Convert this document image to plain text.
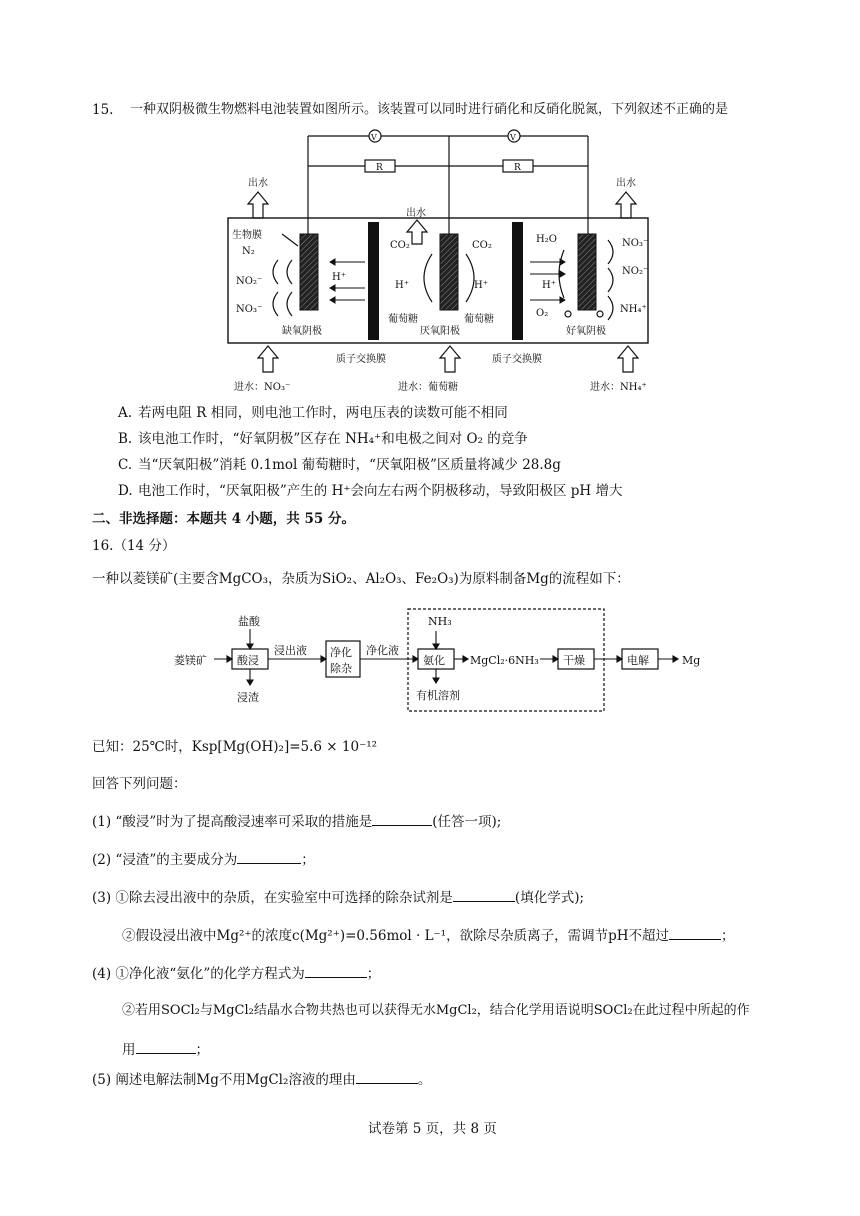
15. 一种双阴极微生物燃料电池装置如图所示。该装置可以同时进行硝化和反硝化脱氮，下列叙述不正确的是
V	V
R	R
出水
出水
出水
生物膜
N₂
NO₂⁻
NO₃⁻
H⁺
CO₂	CO₂
H⁺	H⁺
葡萄糖	葡萄糖
H₂O
H⁺
O₂
NO₃⁻
NO₂⁻
NH₄⁺
缺氧阴极	厌氧阳极	好氧阴极
质子交换膜	质子交换膜
进水：NO₃⁻	进水：葡萄糖	进水：NH₄⁺
A. 若两电阻 R 相同，则电池工作时，两电压表的读数可能不相同
B. 该电池工作时，“好氧阴极”区存在 NH₄⁺和电极之间对 O₂ 的竞争
C. 当“厌氧阳极”消耗 0.1mol 葡萄糖时，“厌氧阳极”区质量将减少 28.8g
D. 电池工作时，“厌氧阳极”产生的 H⁺会向左右两个阴极移动，导致阳极区 pH 增大
二、非选择题：本题共 4 小题，共 55 分。
16.（14 分）
一种以菱镁矿(主要含MgCO₃，杂质为SiO₂、Al₂O₃、Fe₂O₃)为原料制备Mg的流程如下：
菱镁矿
盐酸
酸浸
浸渣
浸出液 净化
除杂
净化液
NH₃
氨化 MgCl₂·6NH₃ 干燥	电解	Mg
有机溶剂
已知：25℃时，Ksp[Mg(OH)₂]=5.6 × 10⁻¹²
回答下列问题：
(1) “酸浸”时为了提高酸浸速率可采取的措施是	(任答一项);
(2) “浸渣”的主要成分为	；
(3) ①除去浸出液中的杂质，在实验室中可选择的除杂试剂是	(填化学式);
②假设浸出液中Mg²⁺的浓度c(Mg²⁺)=0.56mol · L⁻¹，欲除尽杂质离子，需调节pH不超过	；
(4) ①净化液“氨化”的化学方程式为	；
②若用SOCl₂与MgCl₂结晶水合物共热也可以获得无水MgCl₂，结合化学用语说明SOCl₂在此过程中所起的作
用	；
(5) 阐述电解法制Mg不用MgCl₂溶液的理由	。
试卷第 5 页，共 8 页
